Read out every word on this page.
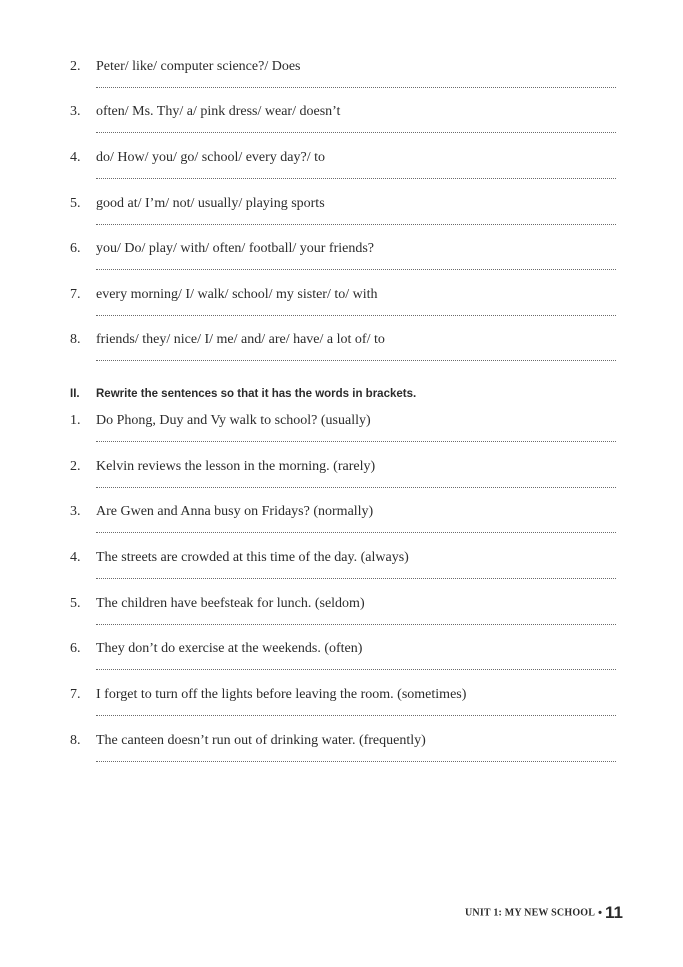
2.	Peter/ like/ computer science?/ Does
3.	often/ Ms. Thy/ a/ pink dress/ wear/ doesn’t
4.	do/ How/ you/ go/ school/ every day?/ to
5.	good at/ I’m/ not/ usually/ playing sports
6.	you/ Do/ play/ with/ often/ football/ your friends?
7.	every morning/ I/ walk/ school/ my sister/ to/ with
8.	friends/ they/ nice/ I/ me/ and/ are/ have/ a lot of/ to
II. Rewrite the sentences so that it has the words in brackets.
1.	Do Phong, Duy and Vy walk to school? (usually)
2.	Kelvin reviews the lesson in the morning. (rarely)
3.	Are Gwen and Anna busy on Fridays? (normally)
4.	The streets are crowded at this time of the day. (always)
5.	The children have beefsteak for lunch. (seldom)
6.	They don’t do exercise at the weekends. (often)
7.	I forget to turn off the lights before leaving the room. (sometimes)
8.	The canteen doesn’t run out of drinking water. (frequently)
UNIT 1: MY NEW SCHOOL • 11
